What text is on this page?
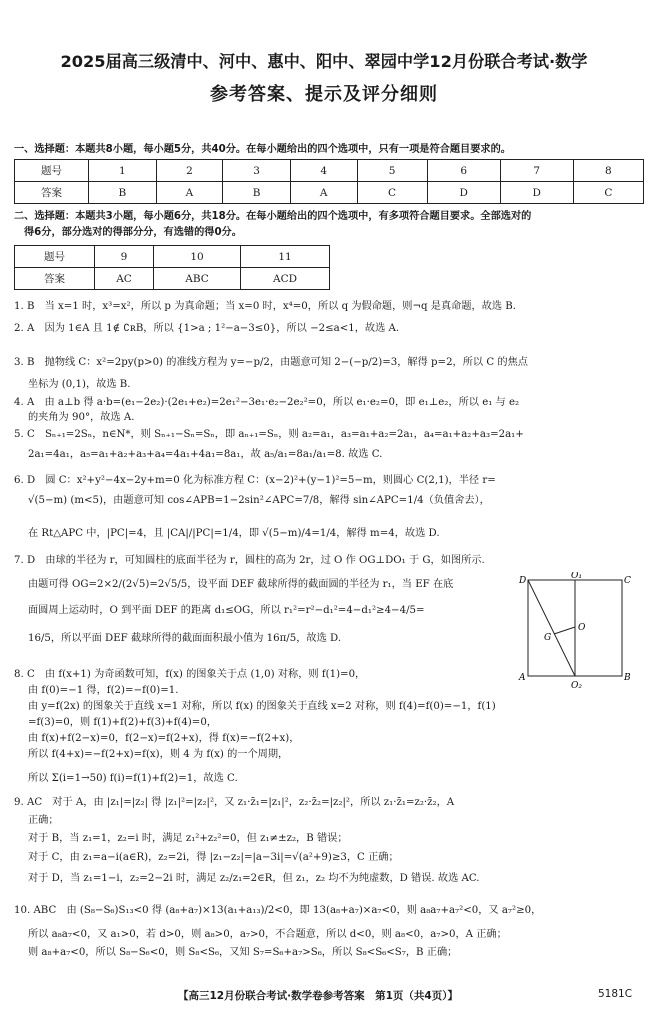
2025届高三级清中、河中、惠中、阳中、翠园中学12月份联合考试·数学
参考答案、提示及评分细则
一、选择题：本题共8小题，每小题5分，共40分。在每小题给出的四个选项中，只有一项是符合题目要求的。
题号	1	2	3	4	5	6	7	8
答案	B	A	B	A	C	D	D	C
二、选择题：本题共3小题，每小题6分，共18分。在每小题给出的四个选项中，有多项符合题目要求。全部选对的
得6分，部分选对的得部分分，有选错的得0分。
题号	9	10	11
答案	AC	ABC	ACD
1. B　当 x=1 时，x³=x²，所以 p 为真命题；当 x=0 时，x⁴=0，所以 q 为假命题，则¬q 是真命题，故选 B.
2. A　因为 1∈A 且 1∉ ∁ʀB，所以 {1>a ; 1²−a−3≤0}，所以 −2≤a<1，故选 A.
3. B　抛物线 C：x²=2py(p>0) 的准线方程为 y=−p/2，由题意可知 2−(−p/2)=3，解得 p=2，所以 C 的焦点
坐标为 (0,1)，故选 B.
4. A　由 a⊥b 得 a·b=(e₁−2e₂)·(2e₁+e₂)=2e₁²−3e₁·e₂−2e₂²=0，所以 e₁·e₂=0，即 e₁⊥e₂，所以 e₁ 与 e₂
的夹角为 90°，故选 A.
5. C　Sₙ₊₁=2Sₙ，n∈N*，则 Sₙ₊₁−Sₙ=Sₙ，即 aₙ₊₁=Sₙ，则 a₂=a₁，a₃=a₁+a₂=2a₁，a₄=a₁+a₂+a₃=2a₁+
2a₁=4a₁，a₅=a₁+a₂+a₃+a₄=4a₁+4a₁=8a₁，故 a₅/a₁=8a₁/a₁=8. 故选 C.
6. D　圆 C：x²+y²−4x−2y+m=0 化为标准方程 C：(x−2)²+(y−1)²=5−m，则圆心 C(2,1)，半径 r=
√(5−m) (m<5)，由题意可知 cos∠APB=1−2sin²∠APC=7/8，解得 sin∠APC=1/4（负值舍去），
在 Rt△APC 中，|PC|=4，且 |CA|/|PC|=1/4，即 √(5−m)/4=1/4，解得 m=4，故选 D.
7. D　由球的半径为 r，可知圆柱的底面半径为 r，圆柱的高为 2r，过 O 作 OG⊥DO₁ 于 G，如图所示.
由题可得 OG=2×2/(2√5)=2√5/5，设平面 DEF 截球所得的截面圆的半径为 r₁，当 EF 在底
面圆周上运动时，O 到平面 DEF 的距离 d₁≤OG，所以 r₁²=r²−d₁²=4−d₁²≥4−4/5=
16/5，所以平面 DEF 截球所得的截面面积最小值为 16π/5，故选 D.
8. C　由 f(x+1) 为奇函数可知，f(x) 的图象关于点 (1,0) 对称，则 f(1)=0，
由 f(0)=−1 得，f(2)=−f(0)=1.
由 y=f(2x) 的图象关于直线 x=1 对称，所以 f(x) 的图象关于直线 x=2 对称，则 f(4)=f(0)=−1，f(1)
=f(3)=0，则 f(1)+f(2)+f(3)+f(4)=0，
由 f(x)+f(2−x)=0，f(2−x)=f(2+x)，得 f(x)=−f(2+x)，
所以 f(4+x)=−f(2+x)=f(x)，则 4 为 f(x) 的一个周期，
所以 Σ(i=1→50) f(i)=f(1)+f(2)=1，故选 C.
9. AC　对于 A，由 |z₁|=|z₂| 得 |z₁|²=|z₂|²，又 z₁·z̄₁=|z₁|²，z₂·z̄₂=|z₂|²，所以 z₁·z̄₁=z₂·z̄₂，A
正确；
对于 B，当 z₁=1，z₂=i 时，满足 z₁²+z₂²=0，但 z₁≠±z₂，B 错误；
对于 C，由 z₁=a−i(a∈R)，z₂=2i，得 |z₁−z₂|=|a−3i|=√(a²+9)≥3，C 正确；
对于 D，当 z₁=1−i，z₂=2−2i 时，满足 z₂/z₁=2∈R，但 z₁，z₂ 均不为纯虚数，D 错误. 故选 AC.
10. ABC　由 (S₈−S₆)S₁₃<0 得 (a₈+a₇)×13(a₁+a₁₃)/2<0，即 13(a₈+a₇)×a₇<0，则 a₈a₇+a₇²<0，又 a₇²≥0，
所以 a₈a₇<0，又 a₁>0，若 d>0，则 a₈>0，a₇>0，不合题意，所以 d<0，则 a₈<0，a₇>0，A 正确；
则 a₈+a₇<0，所以 S₈−S₆<0，则 S₈<S₆，又知 S₇=S₆+a₇>S₆，所以 S₈<S₆<S₇，B 正确；
D	O₁	C
O
G
A
O₂
B
【高三12月份联合考试·数学卷参考答案　第1页（共4页）】	5181C
